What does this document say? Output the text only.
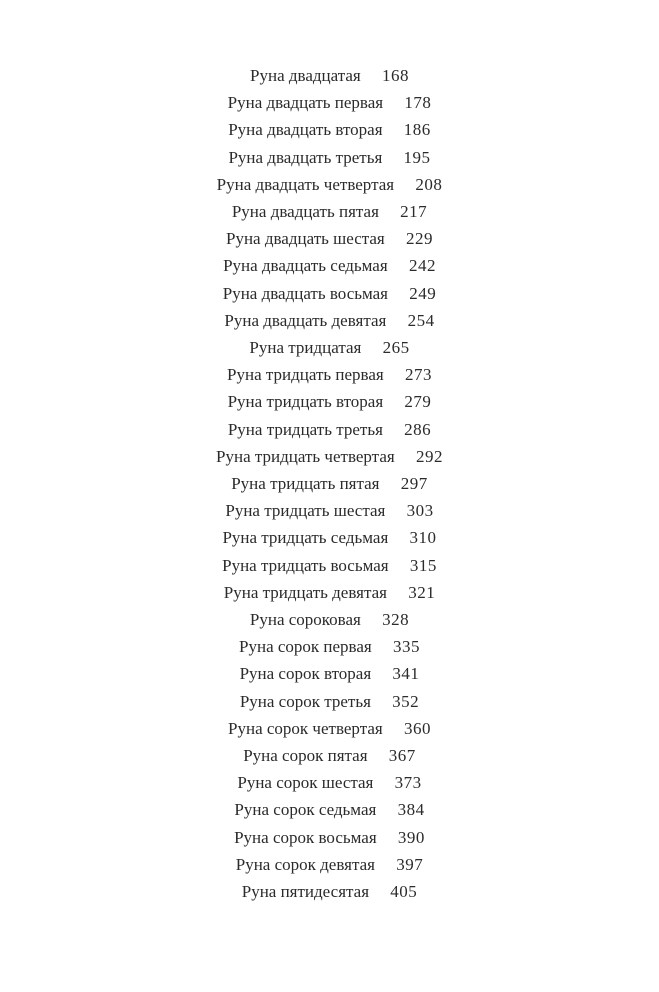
Руна двадцатая 168
Руна двадцать первая 178
Руна двадцать вторая 186
Руна двадцать третья 195
Руна двадцать четвертая 208
Руна двадцать пятая 217
Руна двадцать шестая 229
Руна двадцать седьмая 242
Руна двадцать восьмая 249
Руна двадцать девятая 254
Руна тридцатая 265
Руна тридцать первая 273
Руна тридцать вторая 279
Руна тридцать третья 286
Руна тридцать четвертая 292
Руна тридцать пятая 297
Руна тридцать шестая 303
Руна тридцать седьмая 310
Руна тридцать восьмая 315
Руна тридцать девятая 321
Руна сороковая 328
Руна сорок первая 335
Руна сорок вторая 341
Руна сорок третья 352
Руна сорок четвертая 360
Руна сорок пятая 367
Руна сорок шестая 373
Руна сорок седьмая 384
Руна сорок восьмая 390
Руна сорок девятая 397
Руна пятидесятая 405
